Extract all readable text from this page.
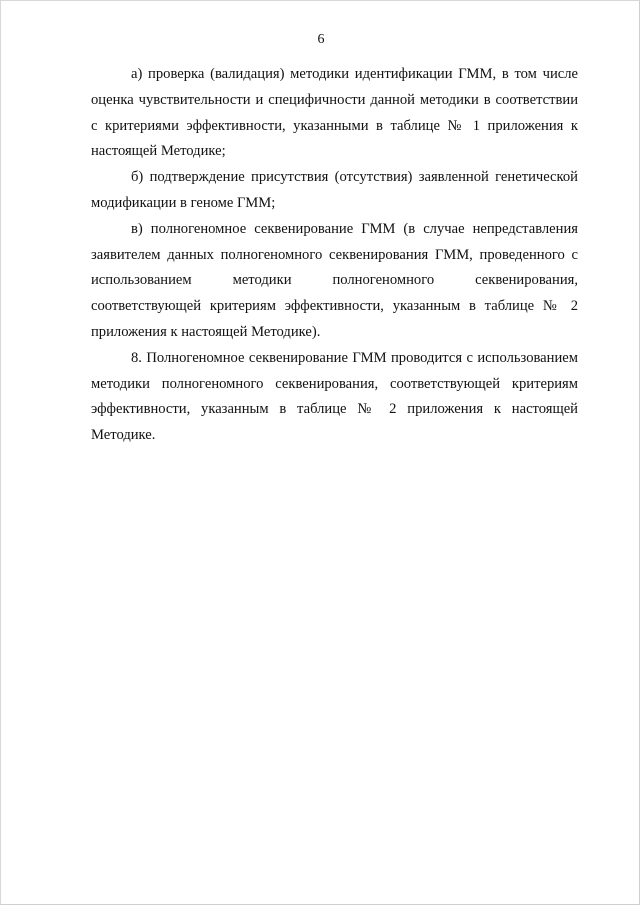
6

а) проверка (валидация) методики идентификации ГММ, в том числе оценка чувствительности и специфичности данной методики в соответствии с критериями эффективности, указанными в таблице № 1 приложения к настоящей Методике;

б) подтверждение присутствия (отсутствия) заявленной генетической модификации в геноме ГММ;

в) полногеномное секвенирование ГММ (в случае непредставления заявителем данных полногеномного секвенирования ГММ, проведенного с использованием методики полногеномного секвенирования, соответствующей критериям эффективности, указанным в таблице № 2 приложения к настоящей Методике).

8. Полногеномное секвенирование ГММ проводится с использованием методики полногеномного секвенирования, соответствующей критериям эффективности, указанным в таблице № 2 приложения к настоящей Методике.
